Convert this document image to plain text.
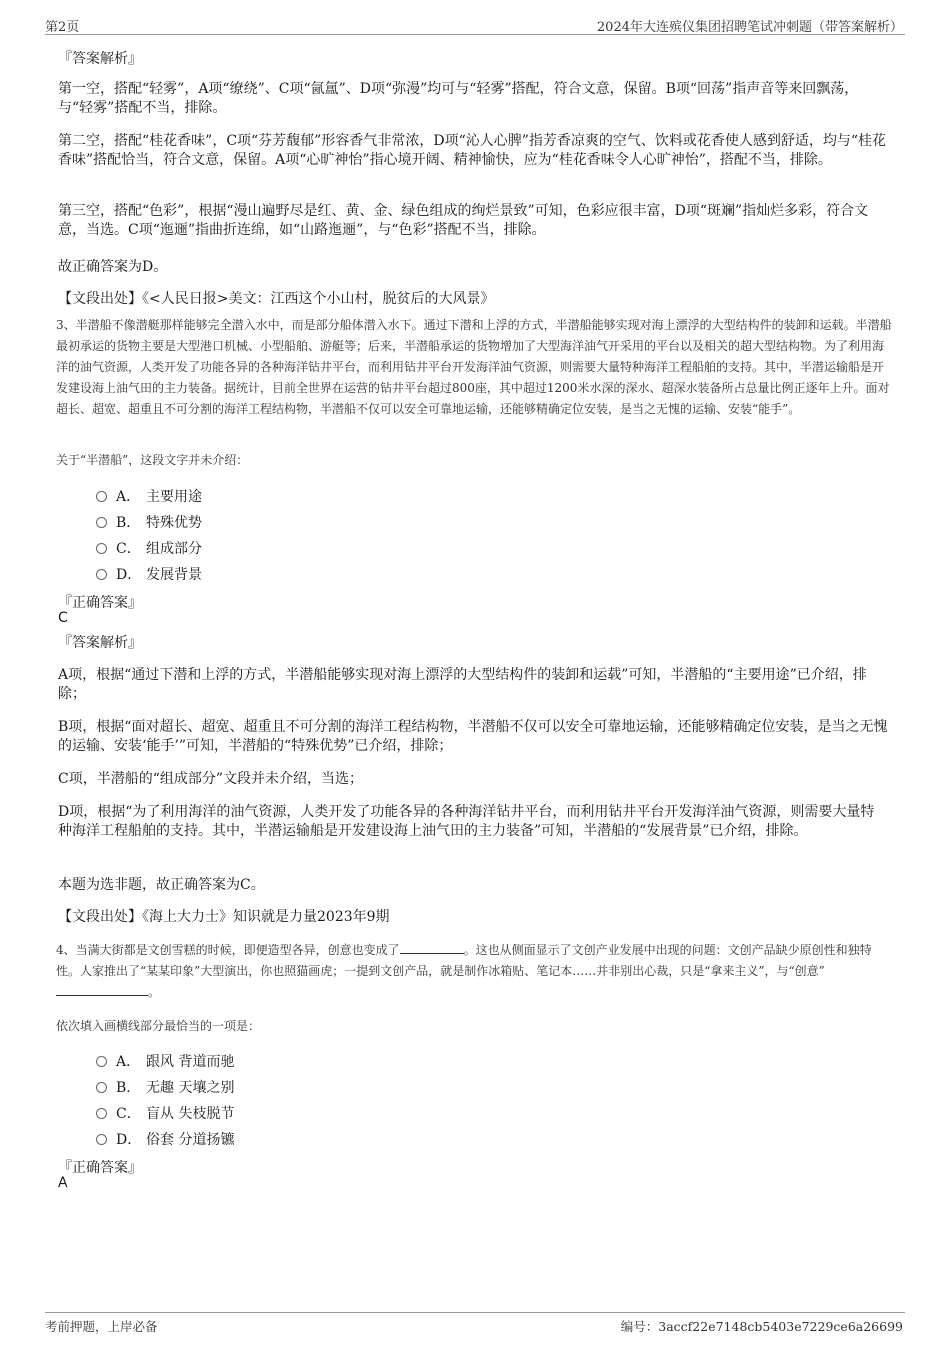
第2页	2024年大连殡仪集团招聘笔试冲刺题（带答案解析）
『答案解析』
第一空，搭配“轻雾”，A项“缭绕”、C项“氤氲”、D项“弥漫”均可与“轻雾”搭配，符合文意，保留。B项“回荡”指声音等来回飘荡，与“轻雾”搭配不当，排除。
第二空，搭配“桂花香味”，C项“芬芳馥郁”形容香气非常浓，D项“沁人心脾”指芳香凉爽的空气、饮料或花香使人感到舒适，均与“桂花香味”搭配恰当，符合文意，保留。A项“心旷神怡”指心境开阔、精神愉快，应为“桂花香味令人心旷神怡”，搭配不当，排除。
第三空，搭配“色彩”，根据“漫山遍野尽是红、黄、金、绿色组成的绚烂景致”可知，色彩应很丰富，D项“斑斓”指灿烂多彩，符合文意，当选。C项“迤逦”指曲折连绵，如“山路迤逦”，与“色彩”搭配不当，排除。
故正确答案为D。
【文段出处】《<人民日报>美文：江西这个小山村，脱贫后的大风景》
3、半潜船不像潜艇那样能够完全潜入水中，而是部分船体潜入水下。通过下潜和上浮的方式，半潜船能够实现对海上漂浮的大型结构件的装卸和运载。半潜船最初承运的货物主要是大型港口机械、小型船舶、游艇等；后来，半潜船承运的货物增加了大型海洋油气开采用的平台以及相关的超大型结构物。为了利用海洋的油气资源，人类开发了功能各异的各种海洋钻井平台，而利用钻井平台开发海洋油气资源，则需要大量特种海洋工程船舶的支持。其中，半潜运输船是开发建设海上油气田的主力装备。据统计，目前全世界在运营的钻井平台超过800座，其中超过1200米水深的深水、超深水装备所占总量比例正逐年上升。面对超长、超宽、超重且不可分割的海洋工程结构物，半潜船不仅可以安全可靠地运输，还能够精确定位安装，是当之无愧的运输、安装“能手”。
关于“半潜船”，这段文字并未介绍：
A． 主要用途
B． 特殊优势
C． 组成部分
D． 发展背景
『正确答案』
C
『答案解析』
A项，根据“通过下潜和上浮的方式，半潜船能够实现对海上漂浮的大型结构件的装卸和运载”可知，半潜船的“主要用途”已介绍，排除；
B项，根据“面对超长、超宽、超重且不可分割的海洋工程结构物，半潜船不仅可以安全可靠地运输，还能够精确定位安装，是当之无愧的运输、安装‘能手’”可知，半潜船的“特殊优势”已介绍，排除；
C项，半潜船的“组成部分”文段并未介绍，当选；
D项，根据“为了利用海洋的油气资源，人类开发了功能各异的各种海洋钻井平台，而利用钻井平台开发海洋油气资源，则需要大量特种海洋工程船舶的支持。其中，半潜运输船是开发建设海上油气田的主力装备”可知，半潜船的“发展背景”已介绍，排除。
本题为选非题，故正确答案为C。
【文段出处】《海上大力士》知识就是力量2023年9期
4、当满大街都是文创雪糕的时候，即便造型各异，创意也变成了	。这也从侧面显示了文创产业发展中出现的问题：文创产品缺少原创性和独特性。人家推出了“某某印象”大型演出，你也照猫画虎；一提到文创产品，就是制作冰箱贴、笔记本……并非别出心裁，只是“拿来主义”，与“创意”。
依次填入画横线部分最恰当的一项是：
A． 跟风 背道而驰
B． 无趣 天壤之别
C． 盲从 失枝脱节
D． 俗套 分道扬镳
『正确答案』
A
考前押题，上岸必备	编号：3accf22e7148cb5403e7229ce6a26699
